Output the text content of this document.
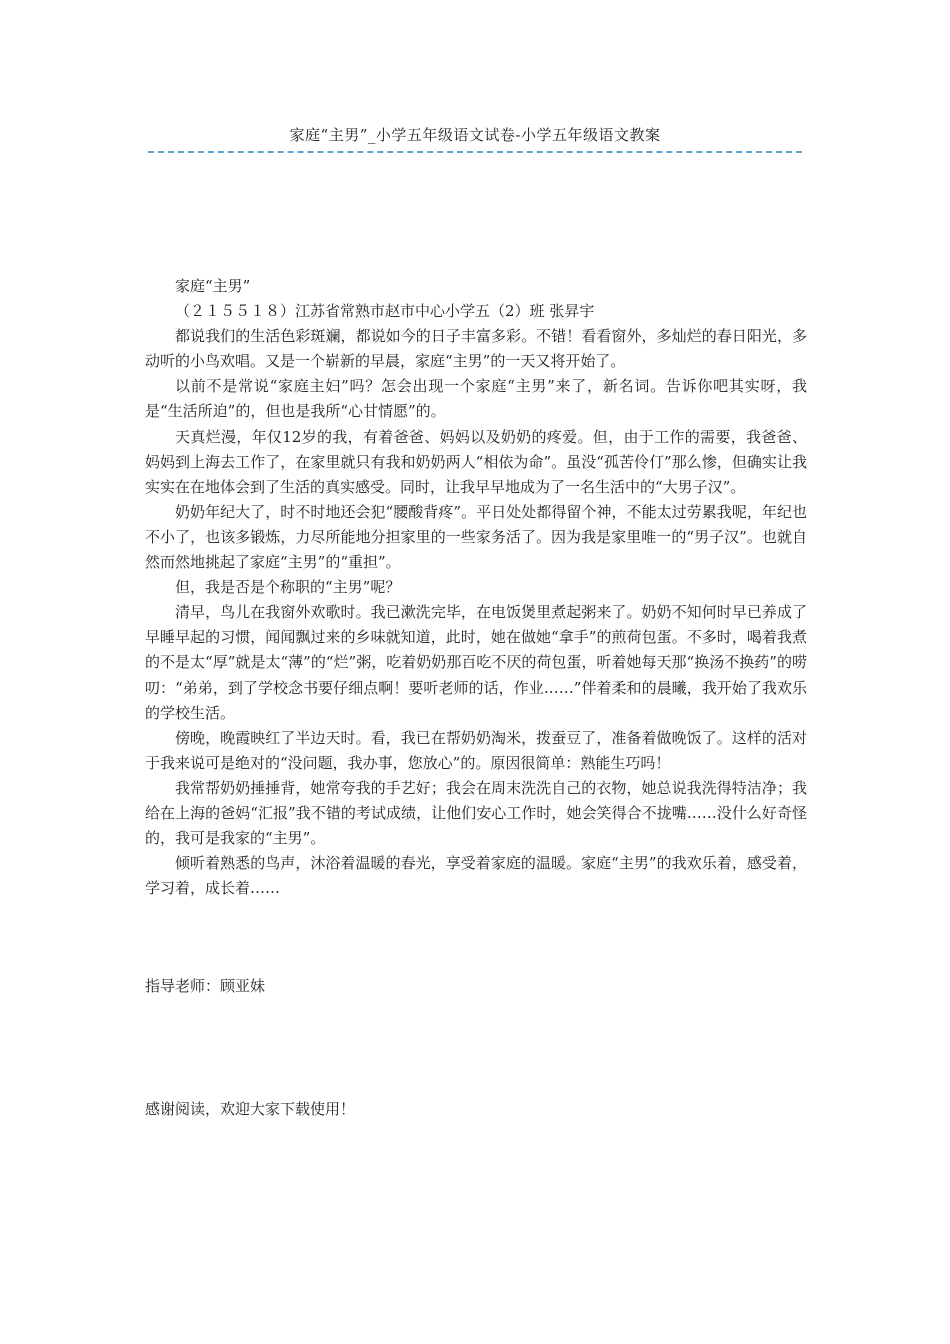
家庭“主男”_小学五年级语文试卷-小学五年级语文教案

家庭“主男”

（２１５５１８）江苏省常熟市赵市中心小学五（2）班 张昇宇

都说我们的生活色彩斑斓，都说如今的日子丰富多彩。不错！看看窗外，多灿烂的春日阳光，多动听的小鸟欢唱。又是一个崭新的早晨，家庭“主男”的一天又将开始了。

以前不是常说“家庭主妇”吗？怎会出现一个家庭“主男”来了，新名词。告诉你吧其实呀，我是“生活所迫”的，但也是我所“心甘情愿”的。

天真烂漫，年仅12岁的我，有着爸爸、妈妈以及奶奶的疼爱。但，由于工作的需要，我爸爸、妈妈到上海去工作了，在家里就只有我和奶奶两人“相依为命”。虽没“孤苦伶仃”那么惨，但确实让我实实在在地体会到了生活的真实感受。同时，让我早早地成为了一名生活中的“大男子汉”。

奶奶年纪大了，时不时地还会犯“腰酸背疼”。平日处处都得留个神，不能太过劳累我呢，年纪也不小了，也该多锻炼，力尽所能地分担家里的一些家务活了。因为我是家里唯一的“男子汉”。也就自然而然地挑起了家庭“主男”的“重担”。

但，我是否是个称职的“主男”呢？

清早，鸟儿在我窗外欢歌时。我已漱洗完毕，在电饭煲里煮起粥来了。奶奶不知何时早已养成了早睡早起的习惯，闻闻飘过来的乡味就知道，此时，她在做她“拿手”的煎荷包蛋。不多时，喝着我煮的不是太“厚”就是太“薄”的“烂”粥，吃着奶奶那百吃不厌的荷包蛋，听着她每天那“换汤不换药”的唠叨：“弟弟，到了学校念书要仔细点啊！要听老师的话，作业……”伴着柔和的晨曦，我开始了我欢乐的学校生活。

傍晚，晚霞映红了半边天时。看，我已在帮奶奶淘米，拨蚕豆了，准备着做晚饭了。这样的活对于我来说可是绝对的“没问题，我办事，您放心”的。原因很简单：熟能生巧吗！

我常帮奶奶捶捶背，她常夸我的手艺好；我会在周末洗洗自己的衣物，她总说我洗得特洁净；我给在上海的爸妈“汇报”我不错的考试成绩，让他们安心工作时，她会笑得合不拢嘴……没什么好奇怪的，我可是我家的“主男”。

倾听着熟悉的鸟声，沐浴着温暖的春光，享受着家庭的温暖。家庭“主男”的我欢乐着，感受着，学习着，成长着……

指导老师：顾亚妹
感谢阅读，欢迎大家下载使用！
